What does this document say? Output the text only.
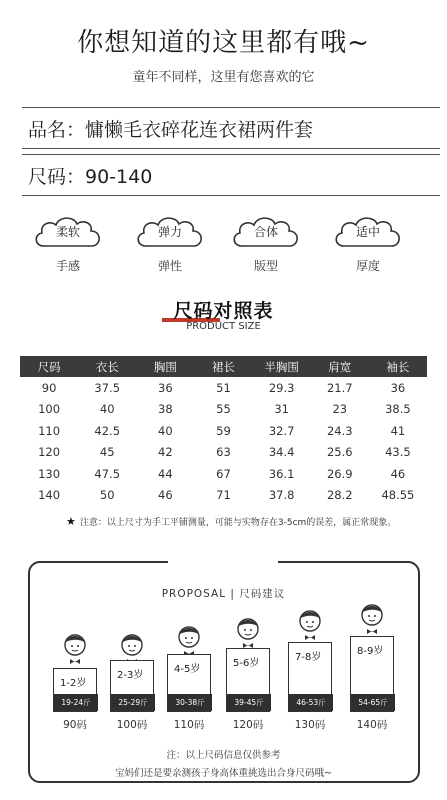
你想知道的这里都有哦~
童年不同样，这里有您喜欢的它
品名：慵懒毛衣碎花连衣裙两件套
尺码：90-140
柔软
手感
弹力
弹性
合体
版型
适中
厚度
尺码对照表
PRODUCT SIZE
尺码	衣长	胸围	裙长	半胸围	肩宽	袖长
90	37.5	36	51	29.3	21.7	36
100	40	38	55	31	23	38.5
110	42.5	40	59	32.7	24.3	41
120	45	42	63	34.4	25.6	43.5
130	47.5	44	67	36.1	26.9	46
140	50	46	71	37.8	28.2	48.55
★ 注意：以上尺寸为手工平铺测量，可能与实物存在3-5cm的误差，属正常现象。
PROPOSAL | 尺码建议
1-2岁
19-24斤
90码
2-3岁
25-29斤
100码
4-5岁
30-38斤
110码
5-6岁
39-45斤
120码
7-8岁
46-53斤
130码
8-9岁
54-65斤
140码
注：以上尺码信息仅供参考
宝妈们还是要亲测孩子身高体重挑选出合身尺码哦~
